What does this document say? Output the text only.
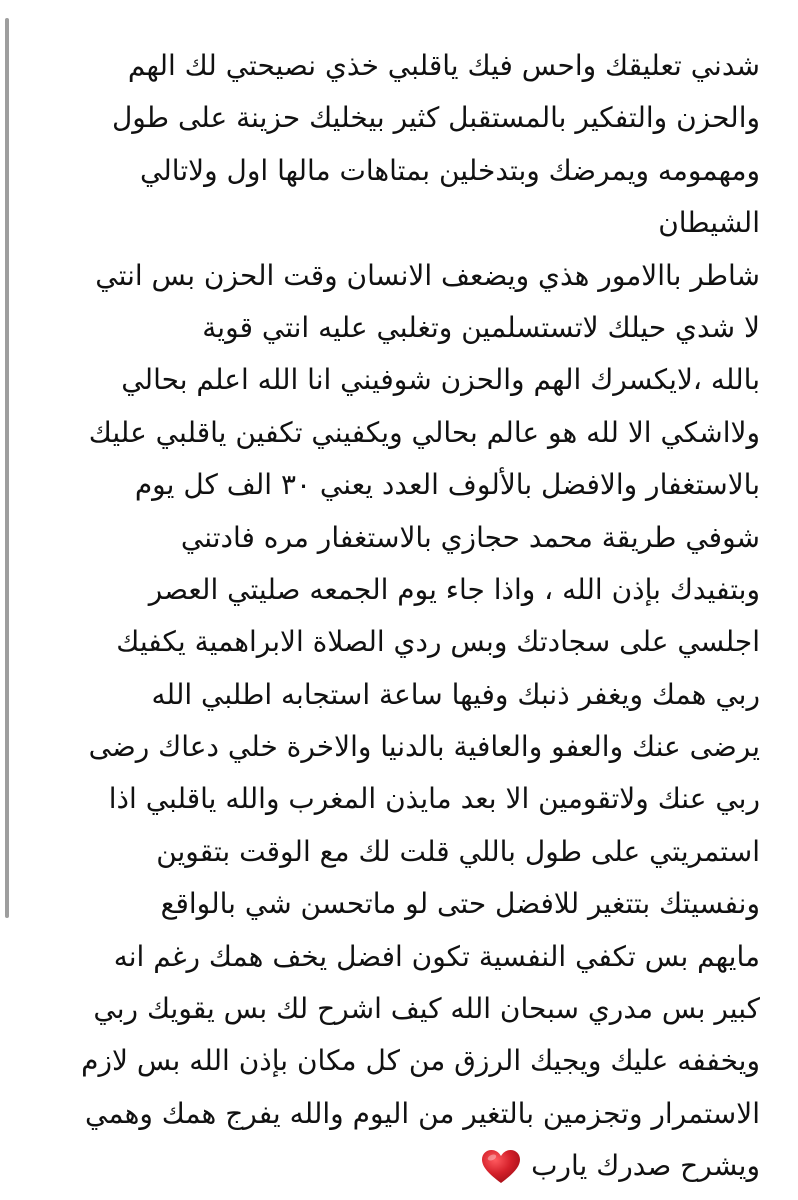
شدني تعليقك واحس فيك ياقلبي خذي نصيحتي لك الهم
والحزن والتفكير بالمستقبل كثير بيخليك حزينة على طول
ومهمومه ويمرضك وبتدخلين بمتاهات مالها اول ولاتالي
الشيطان
شاطر باالامور هذي ويضعف الانسان وقت الحزن بس انتي
لا شدي حيلك لاتستسلمين وتغلبي عليه انتي قوية
بالله ،لايكسرك الهم والحزن شوفيني انا الله اعلم بحالي
ولااشكي الا لله هو عالم بحالي ويكفيني تكفين ياقلبي عليك
بالاستغفار والافضل بالألوف العدد يعني ٣٠ الف كل يوم
شوفي طريقة محمد حجازي بالاستغفار مره فادتني
وبتفيدك بإذن الله ، واذا جاء يوم الجمعه صليتي العصر
اجلسي على سجادتك وبس ردي الصلاة الابراهمية يكفيك
ربي همك ويغفر ذنبك وفيها ساعة استجابه اطلبي الله
يرضى عنك والعفو والعافية بالدنيا والاخرة خلي دعاك رضى
ربي عنك ولاتقومين الا بعد مايذن المغرب والله ياقلبي اذا
استمريتي على طول باللي قلت لك مع الوقت بتقوين
ونفسيتك بتتغير للافضل حتى لو ماتحسن شي بالواقع
مايهم بس تكفي النفسية تكون افضل يخف همك رغم انه
كبير بس مدري سبحان الله كيف اشرح لك بس يقويك ربي
ويخففه عليك ويجيك الرزق من كل مكان بإذن الله بس لازم
الاستمرار وتجزمين بالتغير من اليوم والله يفرج همك وهمي
ويشرح صدرك يارب
